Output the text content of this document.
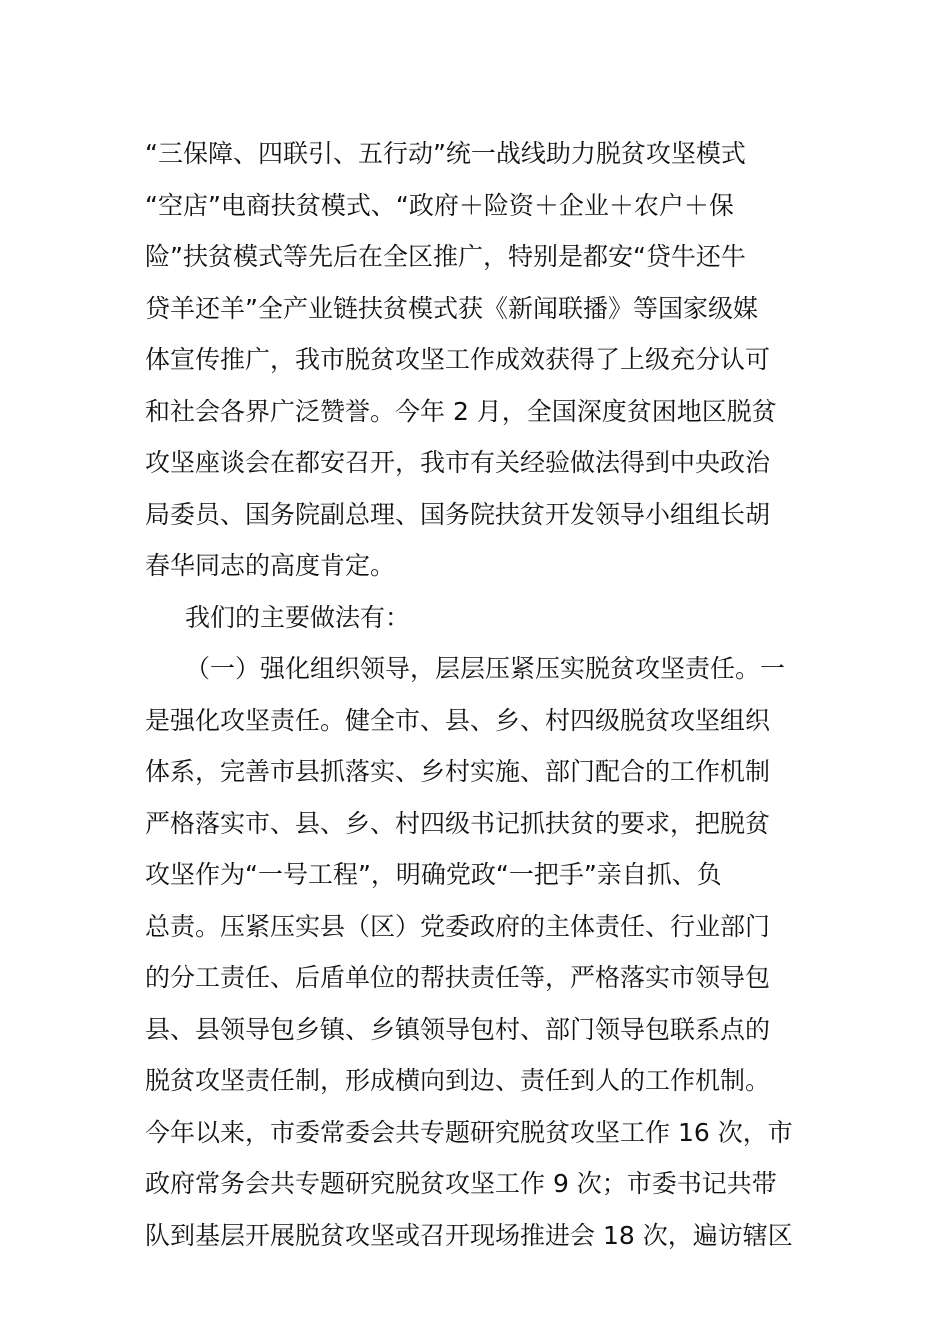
“三保障、四联引、五行动”统一战线助力脱贫攻坚模式
“空店”电商扶贫模式、“政府＋险资＋企业＋农户＋保
险”扶贫模式等先后在全区推广，特别是都安“贷牛还牛
贷羊还羊”全产业链扶贫模式获《新闻联播》等国家级媒
体宣传推广，我市脱贫攻坚工作成效获得了上级充分认可
和社会各界广泛赞誉。今年 2 月，全国深度贫困地区脱贫
攻坚座谈会在都安召开，我市有关经验做法得到中央政治
局委员、国务院副总理、国务院扶贫开发领导小组组长胡
春华同志的高度肯定。
我们的主要做法有：
（一）强化组织领导，层层压紧压实脱贫攻坚责任。一
是强化攻坚责任。健全市、县、乡、村四级脱贫攻坚组织
体系，完善市县抓落实、乡村实施、部门配合的工作机制
严格落实市、县、乡、村四级书记抓扶贫的要求，把脱贫
攻坚作为“一号工程”，明确党政“一把手”亲自抓、负
总责。压紧压实县（区）党委政府的主体责任、行业部门
的分工责任、后盾单位的帮扶责任等，严格落实市领导包
县、县领导包乡镇、乡镇领导包村、部门领导包联系点的
脱贫攻坚责任制，形成横向到边、责任到人的工作机制。
今年以来，市委常委会共专题研究脱贫攻坚工作 16 次，市
政府常务会共专题研究脱贫攻坚工作 9 次；市委书记共带
队到基层开展脱贫攻坚或召开现场推进会 18 次，遍访辖区
